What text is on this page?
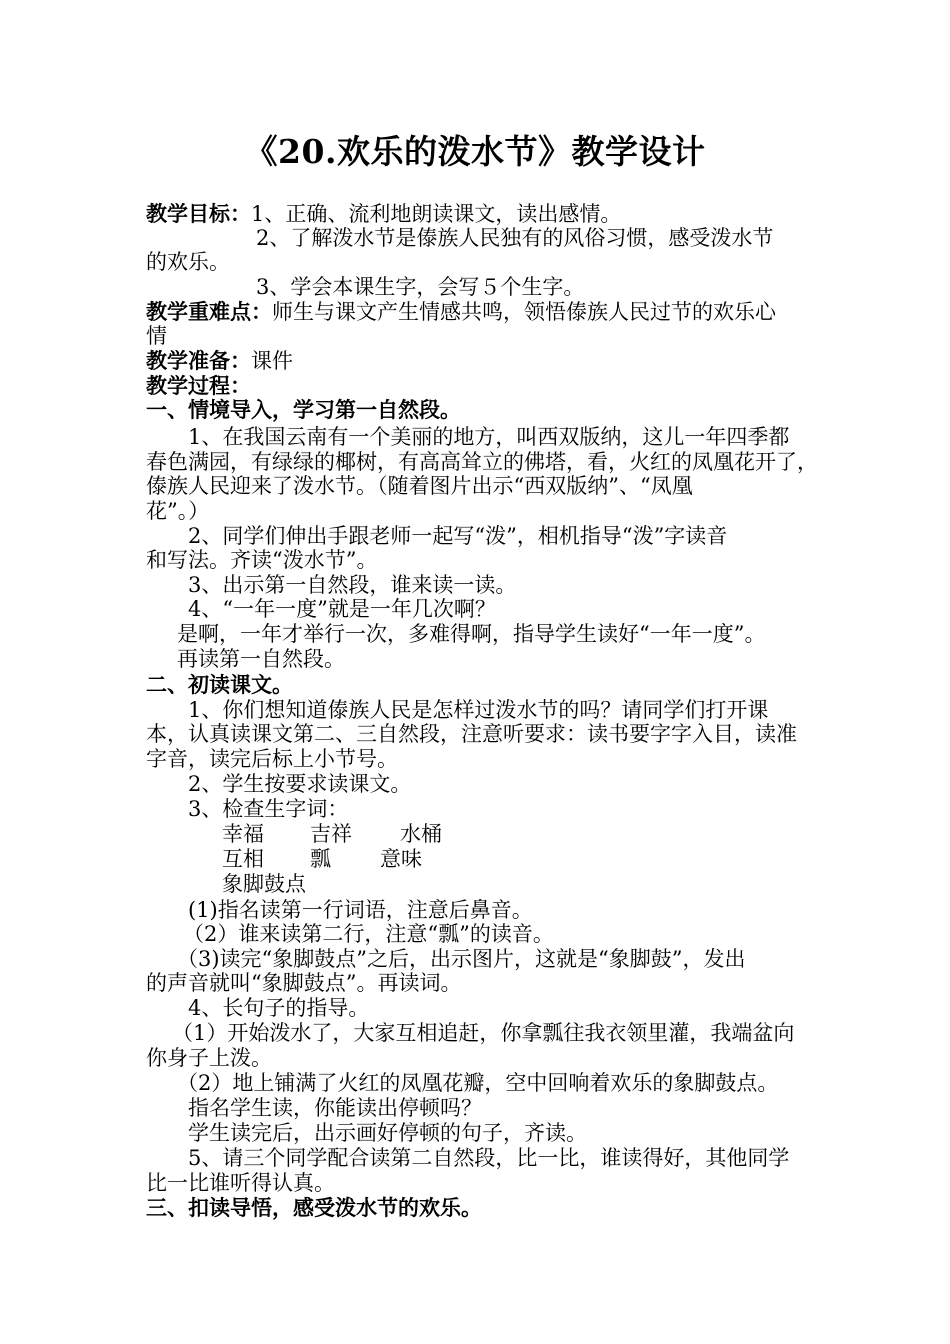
《20.欢乐的泼水节》教学设计
教学目标：1、正确、流利地朗读课文，读出感情。
2、了解泼水节是傣族人民独有的风俗习惯，感受泼水节
的欢乐。
3、学会本课生字，会写５个生字。
教学重难点：师生与课文产生情感共鸣，领悟傣族人民过节的欢乐心
情
教学准备：课件
教学过程：
一、情境导入，学习第一自然段。
1、在我国云南有一个美丽的地方，叫西双版纳，这儿一年四季都
春色满园，有绿绿的椰树，有高高耸立的佛塔，看，火红的凤凰花开了，
傣族人民迎来了泼水节。（随着图片出示“西双版纳”、“凤凰
花”。）
2、同学们伸出手跟老师一起写“泼”，相机指导“泼”字读音
和写法。齐读“泼水节”。
3、出示第一自然段，谁来读一读。
4、“一年一度”就是一年几次啊？
是啊，一年才举行一次，多难得啊，指导学生读好“一年一度”。
再读第一自然段。
二、初读课文。
1、你们想知道傣族人民是怎样过泼水节的吗？请同学们打开课
本，认真读课文第二、三自然段，注意听要求：读书要字字入目，读准
字音，读完后标上小节号。
2、学生按要求读课文。
3、检查生字词：
幸福 吉祥 水桶
互相 瓢 意味
象脚鼓点
(1)指名读第一行词语，注意后鼻音。
（2）谁来读第二行，注意“瓢”的读音。
（3)读完“象脚鼓点”之后，出示图片，这就是“象脚鼓”，发出
的声音就叫“象脚鼓点”。再读词。
4、长句子的指导。
（1）开始泼水了，大家互相追赶，你拿瓢往我衣领里灌，我端盆向
你身子上泼。
（2）地上铺满了火红的凤凰花瓣，空中回响着欢乐的象脚鼓点。
指名学生读，你能读出停顿吗？
学生读完后，出示画好停顿的句子，齐读。
5、请三个同学配合读第二自然段，比一比，谁读得好，其他同学
比一比谁听得认真。
三、扣读导悟，感受泼水节的欢乐。
